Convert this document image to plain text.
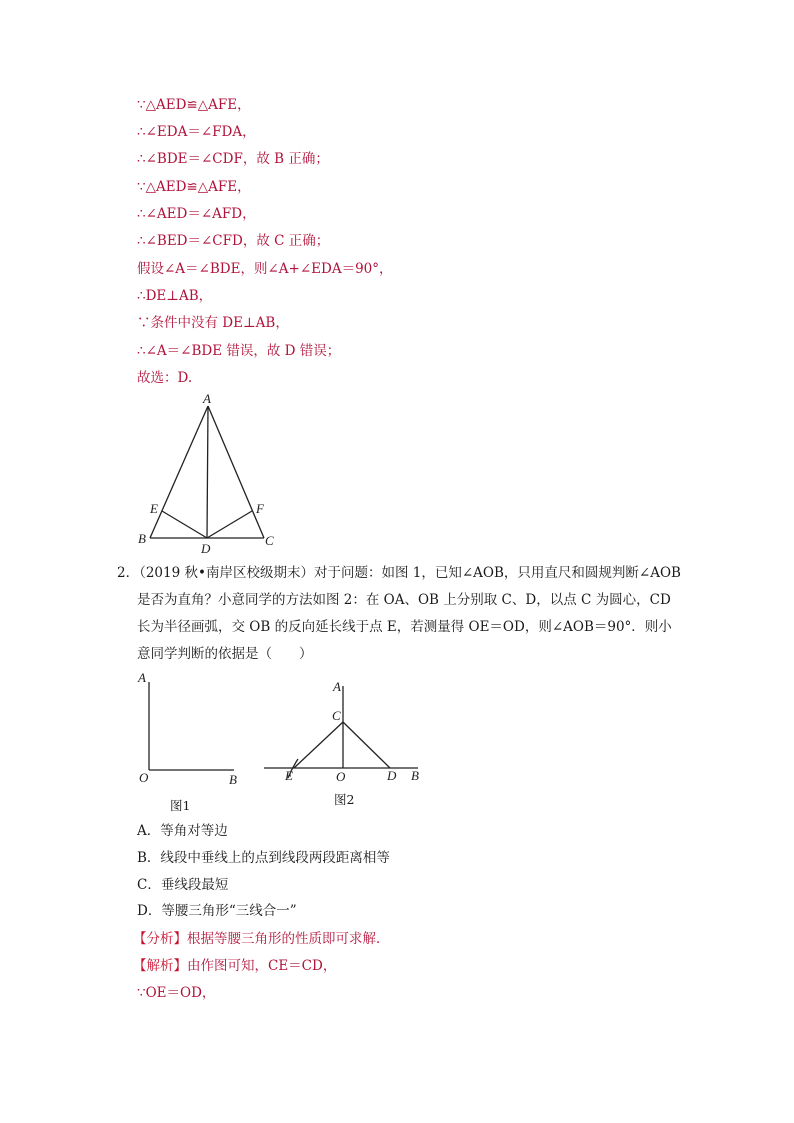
∵△AED≌△AFE，
∴∠EDA＝∠FDA，
∴∠BDE＝∠CDF，故 B 正确；
∵△AED≌△AFE，
∴∠AED＝∠AFD，
∴∠BED＝∠CFD，故 C 正确；
假设∠A＝∠BDE，则∠A+∠EDA＝90°，
∴DE⊥AB，
∵条件中没有 DE⊥AB，
∴∠A＝∠BDE 错误，故 D 错误；
故选：D.
A
E	F
B	C
D
2．（2019 秋•南岸区校级期末）对于问题：如图 1，已知∠AOB，只用直尺和圆规判断∠AOB
是否为直角？小意同学的方法如图 2：在 OA、OB 上分别取 C、D，以点 C 为圆心，CD
长为半径画弧，交 OB 的反向延长线于点 E，若测量得 OE＝OD，则∠AOB＝90°．则小
意同学判断的依据是（　　）
A
O	B
图1
A
C
E	O	D B
图2
A．等角对等边
B．线段中垂线上的点到线段两段距离相等
C．垂线段最短
D．等腰三角形“三线合一”
【分析】根据等腰三角形的性质即可求解．
【解析】由作图可知，CE＝CD，
∵OE＝OD，
